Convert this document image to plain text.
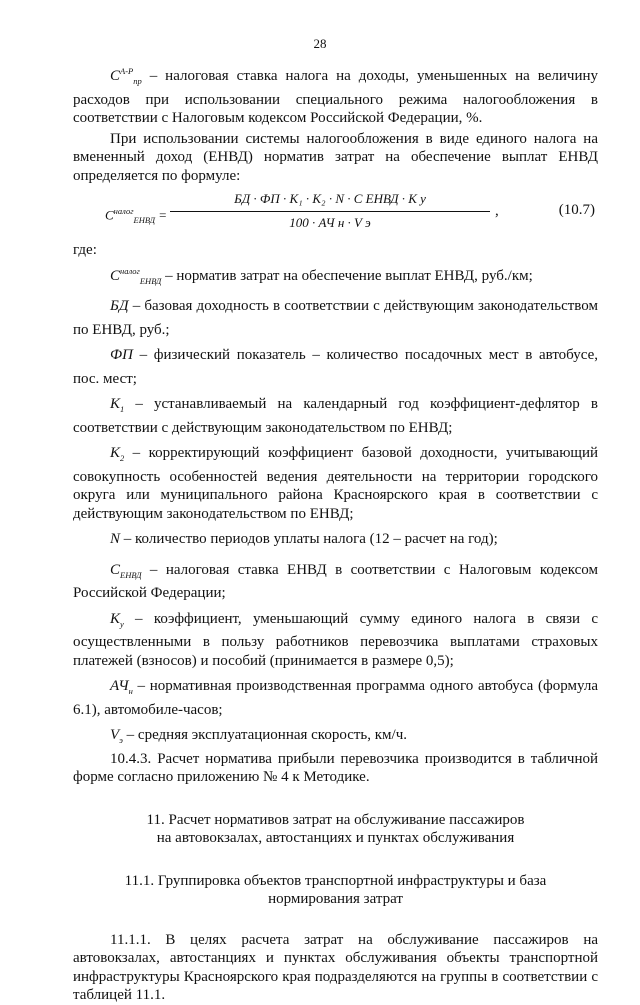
28

$C^{А-Р}_{пр}$ – налоговая ставка налога на доходы, уменьшенных на величину расходов при использовании специального режима налогообложения в соответствии с Налоговым кодексом Российской Федерации, %.

При использовании системы налогообложения в виде единого налога на вмененный доход (ЕНВД) норматив затрат на обеспечение выплат ЕНВД определяется по формуле:

$С^{налог}_{ЕНВД}$ =
БД · ФП · К₁ · К₂ · N · C ЕНВД · К у
100 · АЧ н · V э
,	(10.7)

где:

$С^{налог}_{ЕНВД}$ – норматив затрат на обеспечение выплат ЕНВД, руб./км;

БД – базовая доходность в соответствии с действующим законодательством по ЕНВД, руб.;

ФП – физический показатель – количество посадочных мест в автобусе, пос. мест;

$К_1$ – устанавливаемый на календарный год коэффициент-дефлятор в соответствии с действующим законодательством по ЕНВД;

$К_2$ – корректирующий коэффициент базовой доходности, учитывающий совокупность особенностей ведения деятельности на территории городского округа или муниципального района Красноярского края в соответствии с действующим законодательством по ЕНВД;

N – количество периодов уплаты налога (12 – расчет на год);

$С_{ЕНВД}$ – налоговая ставка ЕНВД в соответствии с Налоговым кодексом Российской Федерации;

$К_у$ – коэффициент, уменьшающий сумму единого налога в связи с осуществленными в пользу работников перевозчика выплатами страховых платежей (взносов) и пособий (принимается в размере 0,5);

$АЧ_н$ – нормативная производственная программа одного автобуса (формула 6.1), автомобиле-часов;

$V_э$ – средняя эксплуатационная скорость, км/ч.

10.4.3. Расчет норматива прибыли перевозчика производится в табличной форме согласно приложению № 4 к Методике.

11. Расчет нормативов затрат на обслуживание пассажиров

на автовокзалах, автостанциях и пунктах обслуживания

11.1. Группировка объектов транспортной инфраструктуры и база

нормирования затрат

11.1.1. В целях расчета затрат на обслуживание пассажиров на автовокзалах, автостанциях и пунктах обслуживания объекты транспортной инфраструктуры Красноярского края подразделяются на группы в соответствии с таблицей 11.1.
